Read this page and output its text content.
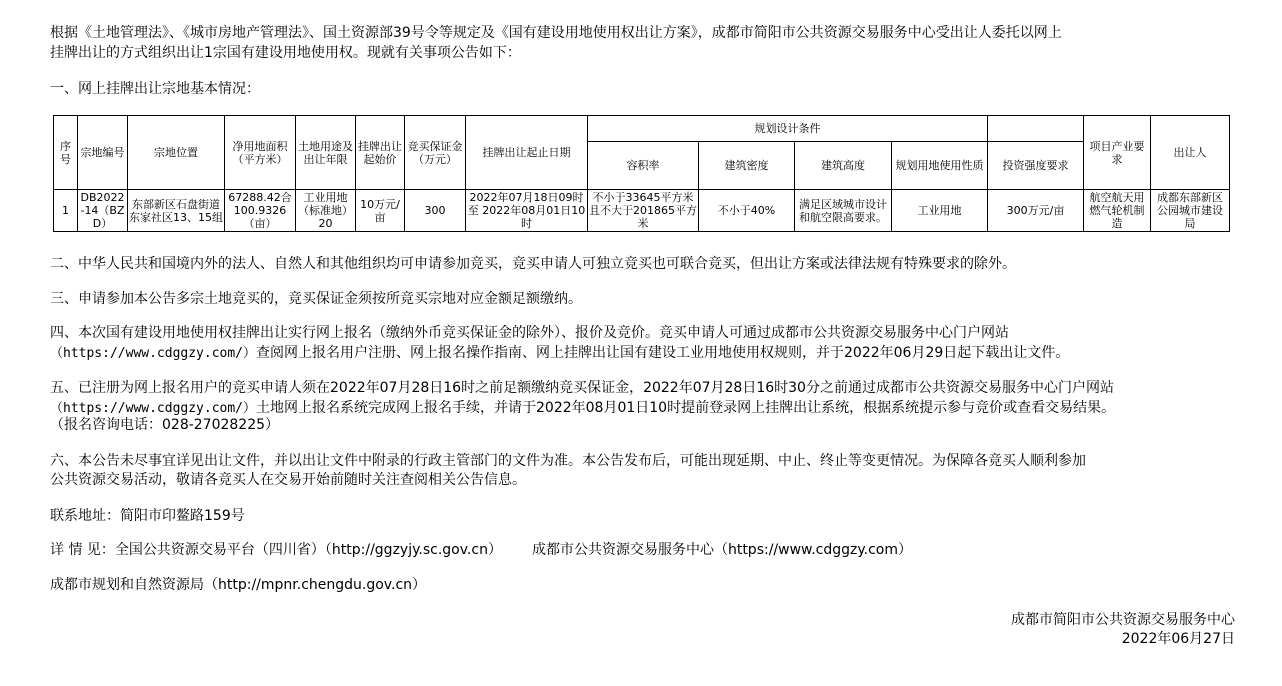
根据《土地管理法》、《城市房地产管理法》、国土资源部39号令等规定及《国有建设用地使用权出让方案》，成都市简阳市公共资源交易服务中心受出让人委托以网上
挂牌出让的方式组织出让1宗国有建设用地使用权。现就有关事项公告如下：
一、网上挂牌出让宗地基本情况：
序号	宗地编号	宗地位置	净用地面积（平方米）	土地用途及出让年限	挂牌出让起始价	竞买保证金（万元）	挂牌出让起止日期	规划设计条件					项目产业要求	出让人
								容积率	建筑密度	建筑高度	规划用地使用性质	投资强度要求		
1	DB2022-14（BZD）	东部新区石盘街道东家社区13、15组	67288.42合100.9326（亩）	工业用地（标准地）20	10万元/亩	300	2022年07月18日09时至 2022年08月01日10时	不小于33645平方米且不大于201865平方米	不小于40%	满足区域城市设计和航空限高要求。	工业用地	300万元/亩	航空航天用燃气轮机制造	成都东部新区公园城市建设局
二、中华人民共和国境内外的法人、自然人和其他组织均可申请参加竞买，竞买申请人可独立竞买也可联合竞买，但出让方案或法律法规有特殊要求的除外。
三、申请参加本公告多宗土地竞买的，竞买保证金须按所竞买宗地对应金额足额缴纳。
四、本次国有建设用地使用权挂牌出让实行网上报名（缴纳外币竞买保证金的除外）、报价及竞价。竞买申请人可通过成都市公共资源交易服务中心门户网站
（https://www.cdggzy.com/）查阅网上报名用户注册、网上报名操作指南、网上挂牌出让国有建设工业用地使用权规则，并于2022年06月29日起下载出让文件。
五、已注册为网上报名用户的竞买申请人须在2022年07月28日16时之前足额缴纳竞买保证金，2022年07月28日16时30分之前通过成都市公共资源交易服务中心门户网站
（https://www.cdggzy.com/）土地网上报名系统完成网上报名手续，并请于2022年08月01日10时提前登录网上挂牌出让系统，根据系统提示参与竞价或查看交易结果。
（报名咨询电话：028-27028225）
六、本公告未尽事宜详见出让文件，并以出让文件中附录的行政主管部门的文件为准。本公告发布后，可能出现延期、中止、终止等变更情况。为保障各竞买人顺利参加
公共资源交易活动，敬请各竞买人在交易开始前随时关注查阅相关公告信息。
联系地址：简阳市印鳌路159号
详 情 见：全国公共资源交易平台（四川省）（http://ggzyjy.sc.gov.cn） 成都市公共资源交易服务中心（https://www.cdggzy.com）
成都市规划和自然资源局（http://mpnr.chengdu.gov.cn）
成都市简阳市公共资源交易服务中心
2022年06月27日
